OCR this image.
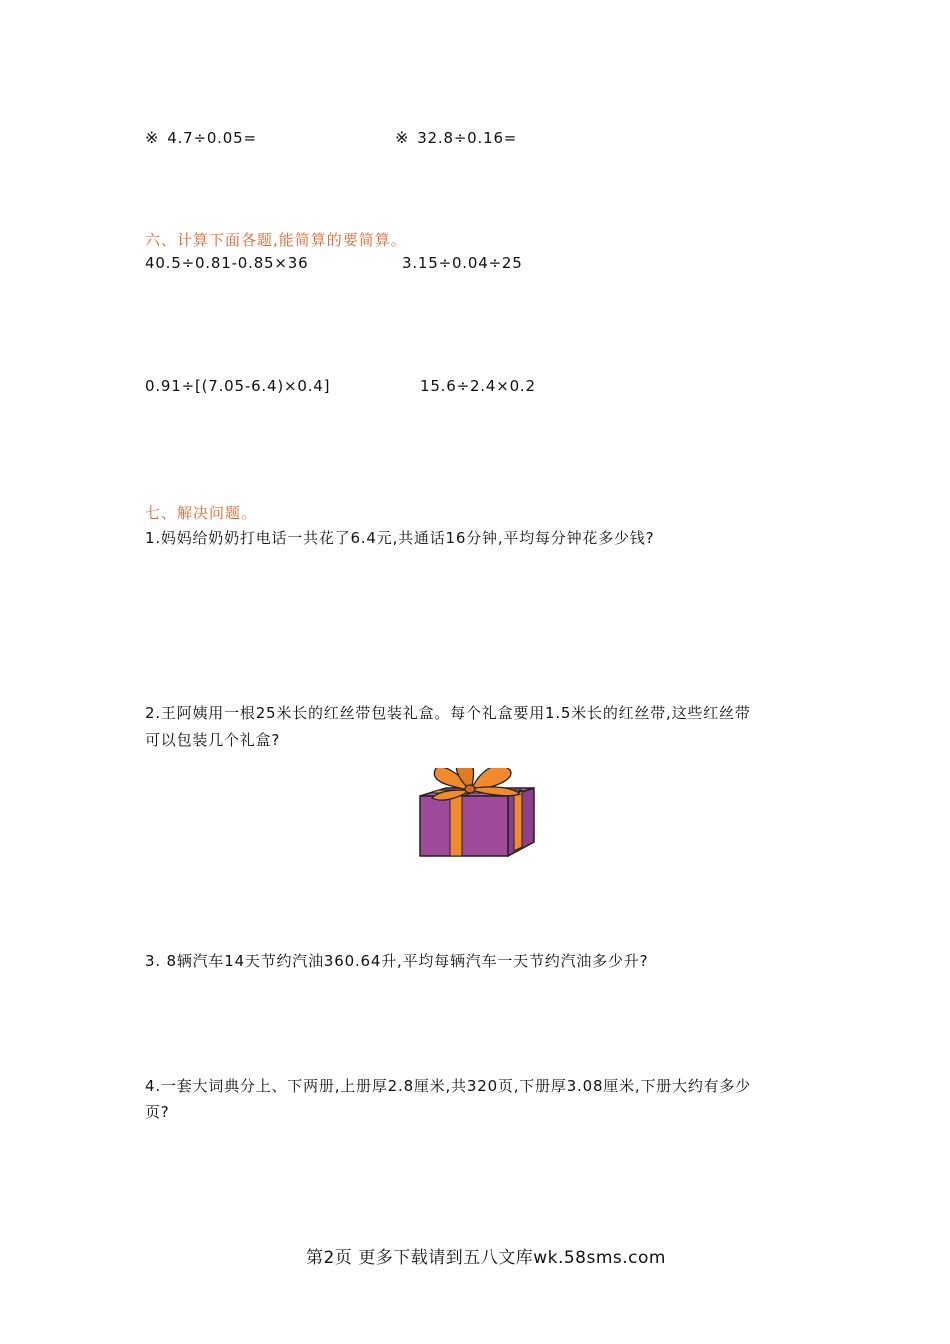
※ 4.7÷0.05=	※ 32.8÷0.16=
六、计算下面各题,能简算的要简算。
40.5÷0.81-0.85×36	3.15÷0.04÷25
0.91÷[(7.05-6.4)×0.4]	15.6÷2.4×0.2
七、解决问题。
1.妈妈给奶奶打电话一共花了6.4元,共通话16分钟,平均每分钟花多少钱?
2.王阿姨用一根25米长的红丝带包装礼盒。每个礼盒要用1.5米长的红丝带,这些红丝带
可以包装几个礼盒?
3. 8辆汽车14天节约汽油360.64升,平均每辆汽车一天节约汽油多少升?
4.一套大词典分上、下两册,上册厚2.8厘米,共320页,下册厚3.08厘米,下册大约有多少
页?
第2页 更多下载请到五八文库wk.58sms.com
